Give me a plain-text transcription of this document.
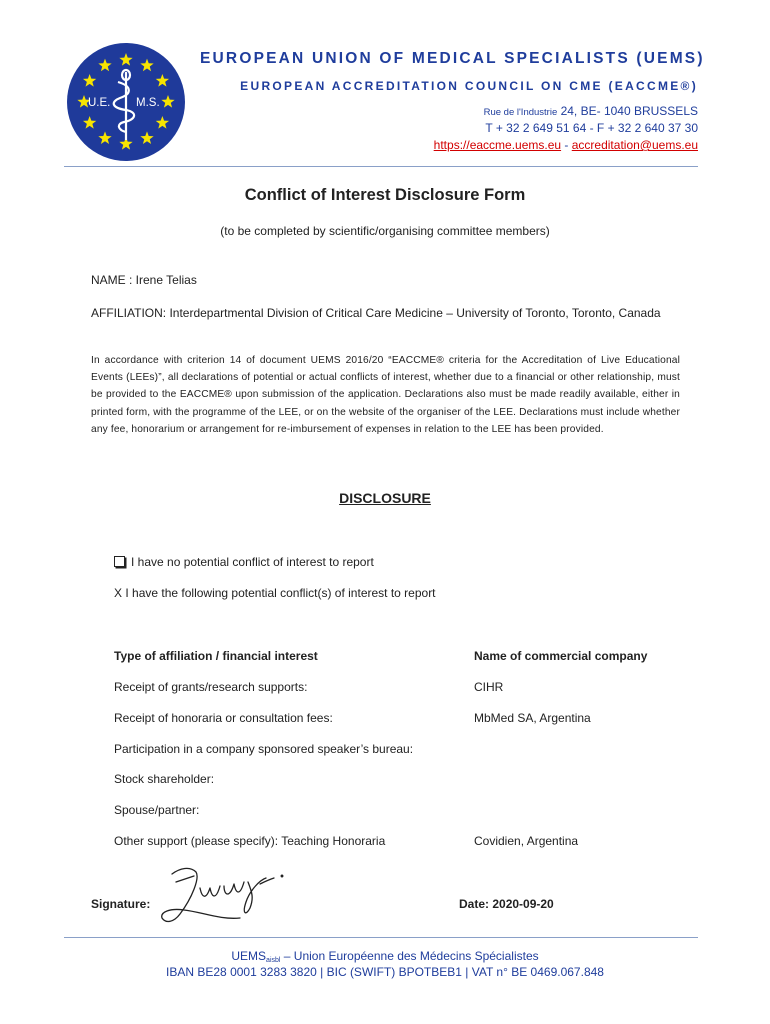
U.E. M.S.
EUROPEAN UNION OF MEDICAL SPECIALISTS (UEMS)
EUROPEAN ACCREDITATION COUNCIL ON CME (EACCME®)
Rue de l'Industrie 24, BE- 1040 BRUSSELS
T + 32 2 649 51 64 - F + 32 2 640 37 30
https://eaccme.uems.eu - accreditation@uems.eu
Conflict of Interest Disclosure Form
(to be completed by scientific/organising committee members)
NAME : Irene Telias
AFFILIATION: Interdepartmental Division of Critical Care Medicine – University of Toronto, Toronto, Canada
In accordance with criterion 14 of document UEMS 2016/20 “EACCME® criteria for the Accreditation of Live Educational Events (LEEs)”, all declarations of potential or actual conflicts of interest, whether due to a financial or other relationship, must be provided to the EACCME® upon submission of the application. Declarations also must be made readily available, either in printed form, with the programme of the LEE, or on the website of the organiser of the LEE. Declarations must include whether any fee, honorarium or arrangement for re-imbursement of expenses in relation to the LEE has been provided.
DISCLOSURE
I have no potential conflict of interest to report
X I have the following potential conflict(s) of interest to report
Type of affiliation / financial interest	Name of commercial company
Receipt of grants/research supports:	CIHR
Receipt of honoraria or consultation fees:	MbMed SA, Argentina
Participation in a company sponsored speaker’s bureau:
Stock shareholder:
Spouse/partner:
Other support (please specify): Teaching Honoraria	Covidien, Argentina
Signature:	Date: 2020-09-20
UEMSaisbl – Union Européenne des Médecins Spécialistes
IBAN BE28 0001 3283 3820 | BIC (SWIFT) BPOTBEB1 | VAT n° BE 0469.067.848
